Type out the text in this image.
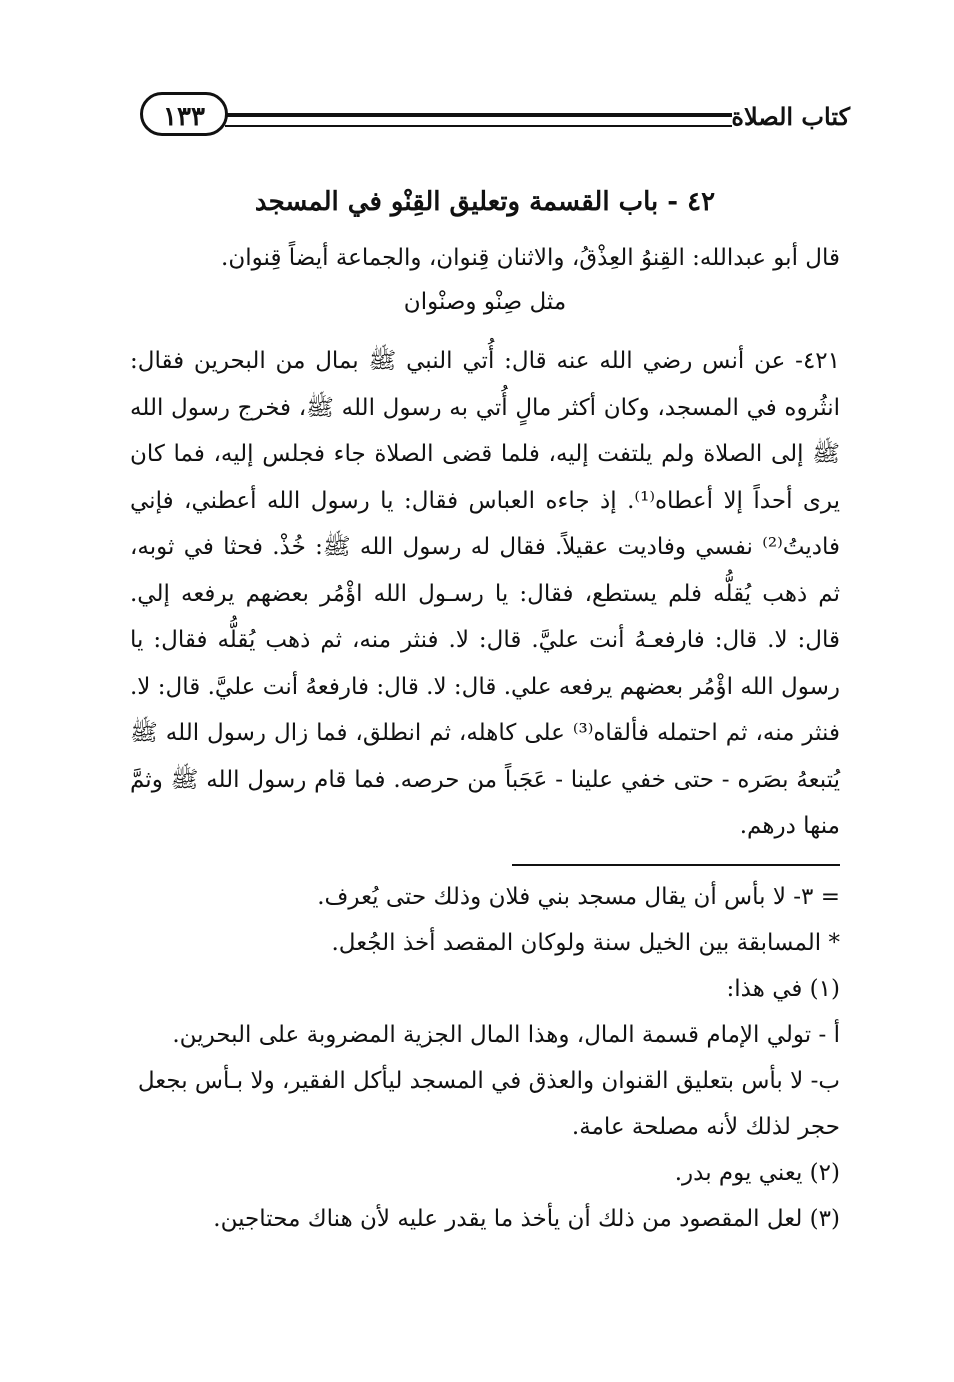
كتاب الصلاة
١٣٣
٤٢ - باب القسمة وتعليق القِنْو في المسجد

قال أبو عبدالله: القِنوُ العِذْقُ، والاثنان قِنوان، والجماعة أيضاً قِنوان.

مثل صِنْو وصنْوان

٤٢١- عن أنس رضي الله عنه قال: أُتي النبي ﷺ بمال من البحرين فقال: انثُروه في المسجد، وكان أكثر مالٍ أُتي به رسول الله ﷺ، فخرج رسول الله ﷺ إلى الصلاة ولم يلتفت إليه، فلما قضى الصلاة جاء فجلس إليه، فما كان يرى أحداً إلا أعطاه⁽¹⁾. إذ جاءه العباس فقال: يا رسول الله أعطني، فإني فاديتُ⁽²⁾ نفسي وفاديت عقيلاً. فقال له رسول الله ﷺ: خُذْ. فحثا في ثوبه، ثم ذهب يُقلُّه فلم يستطع، فقال: يا رسـول الله اؤْمُر بعضهم يرفعه إلي. قال: لا. قال: فارفعـهُ أنت عليَّ. قال: لا. فنثر منه، ثم ذهب يُقلُّه فقال: يا رسول الله اؤْمُر بعضهم يرفعه علي. قال: لا. قال: فارفعهُ أنت عليَّ. قال: لا. فنثر منه، ثم احتمله فألقاه⁽³⁾ على كاهله، ثم انطلق، فما زال رسول الله ﷺ يُتبعهُ بصَره - حتى خفي علينا - عَجَباً من حرصه. فما قام رسول الله ﷺ وثمَّ منها درهم.

= ٣- لا بأس أن يقال مسجد بني فلان وذلك حتى يُعرف.

* المسابقة بين الخيل سنة ولوكان المقصد أخذ الجُعل.

(١) في هذا:

أ - تولي الإمام قسمة المال، وهذا المال الجزية المضروبة على البحرين.

ب- لا بأس بتعليق القنوان والعذق في المسجد ليأكل الفقير، ولا بـأس بجعل حجر لذلك لأنه مصلحة عامة.

(٢) يعني يوم بدر.

(٣) لعل المقصود من ذلك أن يأخذ ما يقدر عليه لأن هناك محتاجين.
